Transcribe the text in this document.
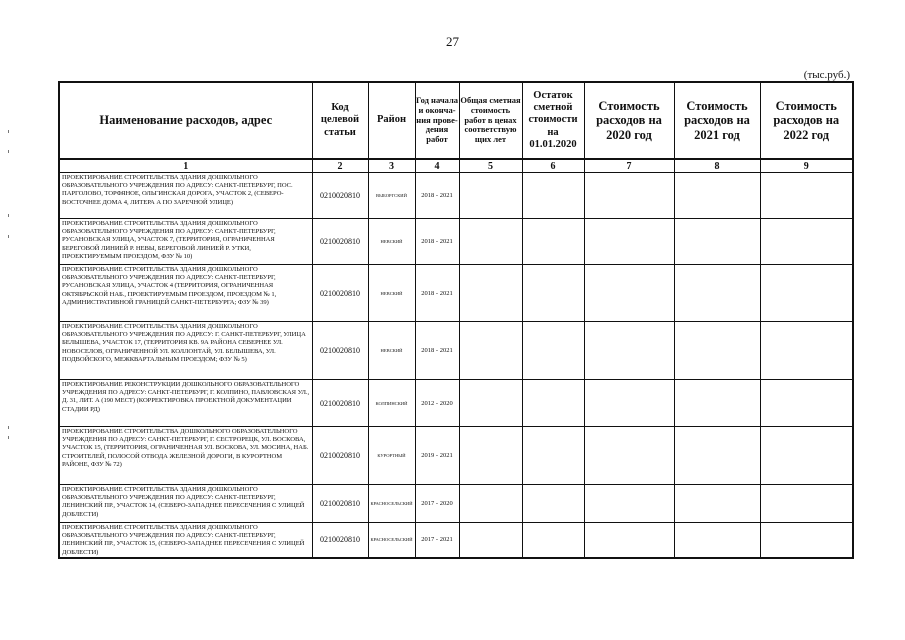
27
(тыс.руб.)
Наименование расходов, адрес	Код целевой статьи	Район	Год начала и оконча-ния прове-дения работ	Общая сметная стоимость работ в ценах соответствую щих лет	Остаток сметной стоимости на 01.01.2020	Стоимость расходов на 2020 год	Стоимость расходов на 2021 год	Стоимость расходов на 2022 год
1	2	3	4	5	6	7	8	9
ПРОЕКТИРОВАНИЕ СТРОИТЕЛЬСТВА ЗДАНИЯ ДОШКОЛЬНОГО ОБРАЗОВАТЕЛЬНОГО УЧРЕЖДЕНИЯ ПО АДРЕСУ: САНКТ-ПЕТЕРБУРГ, ПОС. ПАРГОЛОВО, ТОРФЯНОЕ, ОЛЬГИНСКАЯ ДОРОГА, УЧАСТОК 2, (СЕВЕРО-ВОСТОЧНЕЕ ДОМА 4, ЛИТЕРА А ПО ЗАРЕЧНОЙ УЛИЦЕ)	0210020810	ВЫБОРГСКИЙ	2018 - 2021					
ПРОЕКТИРОВАНИЕ СТРОИТЕЛЬСТВА ЗДАНИЯ ДОШКОЛЬНОГО ОБРАЗОВАТЕЛЬНОГО УЧРЕЖДЕНИЯ ПО АДРЕСУ: САНКТ-ПЕТЕРБУРГ, РУСАНОВСКАЯ УЛИЦА, УЧАСТОК 7, (ТЕРРИТОРИЯ, ОГРАНИЧЕННАЯ БЕРЕГОВОЙ ЛИНИЕЙ Р. НЕВЫ, БЕРЕГОВОЙ ЛИНИЕЙ Р. УТКИ, ПРОЕКТИРУЕМЫМ ПРОЕЗДОМ, ФЗУ № 10)	0210020810	НЕВСКИЙ	2018 - 2021					
ПРОЕКТИРОВАНИЕ СТРОИТЕЛЬСТВА ЗДАНИЯ ДОШКОЛЬНОГО ОБРАЗОВАТЕЛЬНОГО УЧРЕЖДЕНИЯ ПО АДРЕСУ: САНКТ-ПЕТЕРБУРГ, РУСАНОВСКАЯ УЛИЦА, УЧАСТОК 4 (ТЕРРИТОРИЯ, ОГРАНИЧЕННАЯ ОКТЯБРЬСКОЙ НАБ., ПРОЕКТИРУЕМЫМ ПРОЕЗДОМ, ПРОЕЗДОМ № 1, АДМИНИСТРАТИВНОЙ ГРАНИЦЕЙ САНКТ-ПЕТЕРБУРГА; ФЗУ № 39)	0210020810	НЕВСКИЙ	2018 - 2021					
ПРОЕКТИРОВАНИЕ СТРОИТЕЛЬСТВА ЗДАНИЯ ДОШКОЛЬНОГО ОБРАЗОВАТЕЛЬНОГО УЧРЕЖДЕНИЯ ПО АДРЕСУ: Г. САНКТ-ПЕТЕРБУРГ, УЛИЦА БЕЛЫШЕВА, УЧАСТОК 17, (ТЕРРИТОРИЯ КВ. 9А РАЙОНА СЕВЕРНЕЕ УЛ. НОВОСЕЛОВ, ОГРАНИЧЕННОЙ УЛ. КОЛЛОНТАЙ, УЛ. БЕЛЫШЕВА, УЛ. ПОДВОЙСКОГО, МЕЖКВАРТАЛЬНЫМ ПРОЕЗДОМ; ФЗУ № 5)	0210020810	НЕВСКИЙ	2018 - 2021					
ПРОЕКТИРОВАНИЕ РЕКОНСТРУКЦИИ ДОШКОЛЬНОГО ОБРАЗОВАТЕЛЬНОГО УЧРЕЖДЕНИЯ ПО АДРЕСУ: САНКТ-ПЕТЕРБУРГ, Г. КОЛПИНО, ПАВЛОВСКАЯ УЛ., Д. 31, ЛИТ. А (190 МЕСТ) (КОРРЕКТИРОВКА ПРОЕКТНОЙ ДОКУМЕНТАЦИИ СТАДИИ РД)	0210020810	КОЛПИНСКИЙ	2012 - 2020					
ПРОЕКТИРОВАНИЕ СТРОИТЕЛЬСТВА ДОШКОЛЬНОГО ОБРАЗОВАТЕЛЬНОГО УЧРЕЖДЕНИЯ ПО АДРЕСУ: САНКТ-ПЕТЕРБУРГ, Г. СЕСТРОРЕЦК, УЛ. ВОСКОВА, УЧАСТОК 15, (ТЕРРИТОРИЯ, ОГРАНИЧЕННАЯ УЛ. ВОСКОВА, УЛ. МОСИНА, НАБ. СТРОИТЕЛЕЙ, ПОЛОСОЙ ОТВОДА ЖЕЛЕЗНОЙ ДОРОГИ, В КУРОРТНОМ РАЙОНЕ, ФЗУ № 72)	0210020810	КУРОРТНЫЙ	2019 - 2021					
ПРОЕКТИРОВАНИЕ СТРОИТЕЛЬСТВА ЗДАНИЯ ДОШКОЛЬНОГО ОБРАЗОВАТЕЛЬНОГО УЧРЕЖДЕНИЯ ПО АДРЕСУ: САНКТ-ПЕТЕРБУРГ, ЛЕНИНСКИЙ ПР., УЧАСТОК 14, (СЕВЕРО-ЗАПАДНЕЕ ПЕРЕСЕЧЕНИЯ С УЛИЦЕЙ ДОБЛЕСТИ)	0210020810	КРАСНОСЕЛЬСКИЙ	2017 - 2020					
ПРОЕКТИРОВАНИЕ СТРОИТЕЛЬСТВА ЗДАНИЯ ДОШКОЛЬНОГО ОБРАЗОВАТЕЛЬНОГО УЧРЕЖДЕНИЯ ПО АДРЕСУ: САНКТ-ПЕТЕРБУРГ, ЛЕНИНСКИЙ ПР., УЧАСТОК 15, (СЕВЕРО-ЗАПАДНЕЕ ПЕРЕСЕЧЕНИЯ С УЛИЦЕЙ ДОБЛЕСТИ)	0210020810	КРАСНОСЕЛЬСКИЙ	2017 - 2021					
